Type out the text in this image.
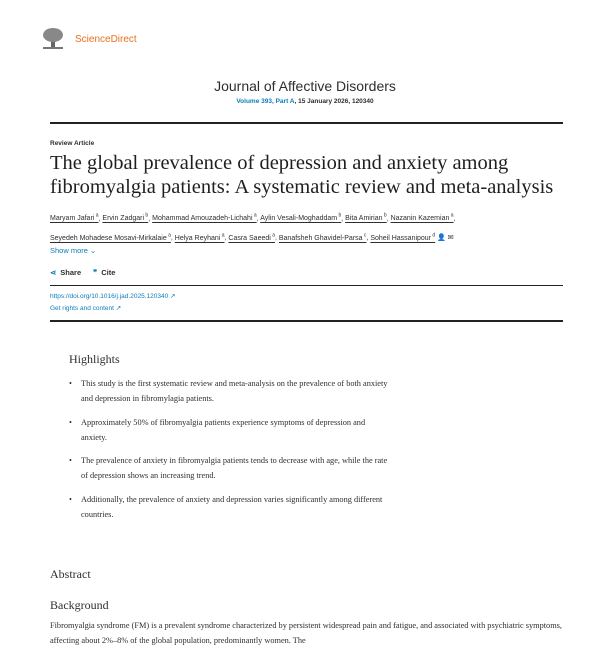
ScienceDirect
Journal of Affective Disorders
Volume 393, Part A, 15 January 2026, 120340
Review Article
The global prevalence of depression and anxiety among fibromyalgia patients: A systematic review and meta-analysis
Maryam Jafari $^a$, Ervin Zadgari $^b$, Mohammad Amouzadeh-Lichahi $^a$, Aylin Vesali-Moghaddam $^b$, Bita Amirian $^b$, Nazanin Kazemian $^a$,
Seyedeh Mohadese Mosavi-Mirkalaie $^a$, Helya Reyhani $^a$, Casra Saeedi $^a$, Banafsheh Ghavidel-Parsa $^c$, Soheil Hassanipour $^d$ 👤 ✉
Show more ⌄
⋖ Share ❞ Cite
https://doi.org/10.1016/j.jad.2025.120340 ↗
Get rights and content ↗
Highlights
• This study is the first systematic review and meta-analysis on the prevalence of both anxiety and depression in fibromylagia patients.
• Approximately 50% of fibromyalgia patients experience symptoms of depression and anxiety.
• The prevalence of anxiety in fibromyalgia patients tends to decrease with age, while the rate of depression shows an increasing trend.
• Additionally, the prevalence of anxiety and depression varies significantly among different countries.
Abstract
Background
Fibromyalgia syndrome (FM) is a prevalent syndrome characterized by persistent widespread pain and fatigue, and associated with psychiatric symptoms, affecting about 2%–8% of the global population, predominantly women. The
